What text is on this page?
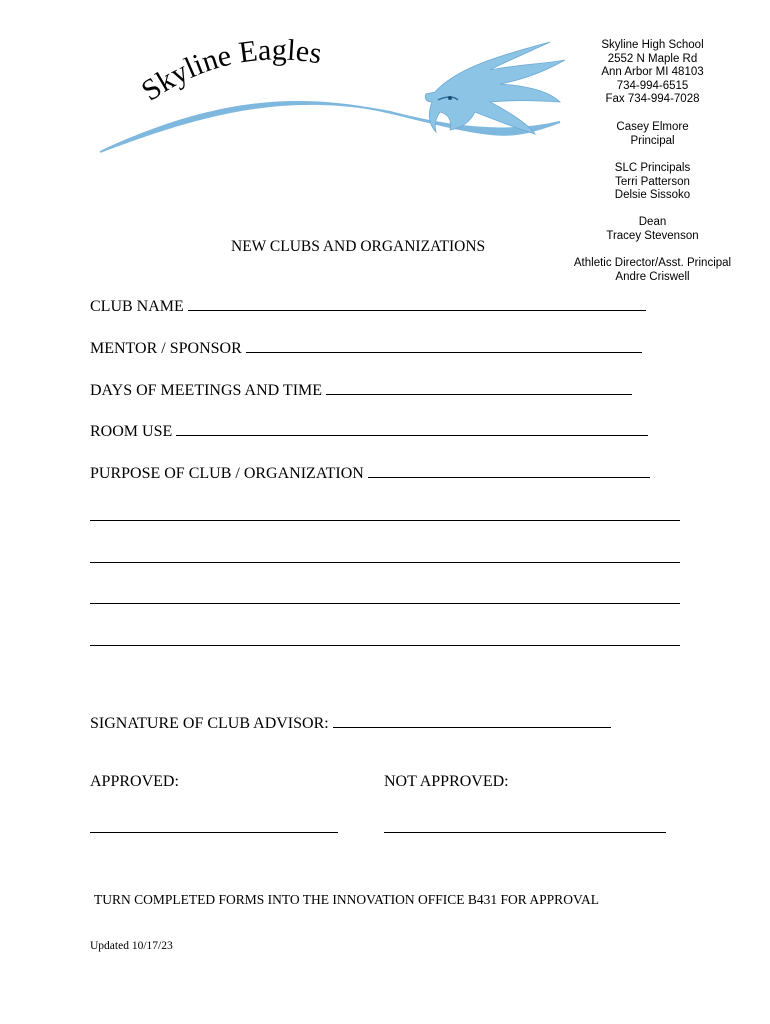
Skyline Eagles	Skyline High School
2552 N Maple Rd
Ann Arbor MI 48103
734-994-6515
Fax 734-994-7028
Casey Elmore
Principal
SLC Principals
Terri Patterson
Delsie Sissoko
Dean
Tracey Stevenson
Athletic Director/Asst. Principal
Andre Criswell
NEW CLUBS AND ORGANIZATIONS
CLUB NAME
MENTOR / SPONSOR
DAYS OF MEETINGS AND TIME
ROOM USE
PURPOSE OF CLUB / ORGANIZATION
SIGNATURE OF CLUB ADVISOR:
APPROVED:	NOT APPROVED:
TURN COMPLETED FORMS INTO THE INNOVATION OFFICE B431 FOR APPROVAL
Updated 10/17/23
